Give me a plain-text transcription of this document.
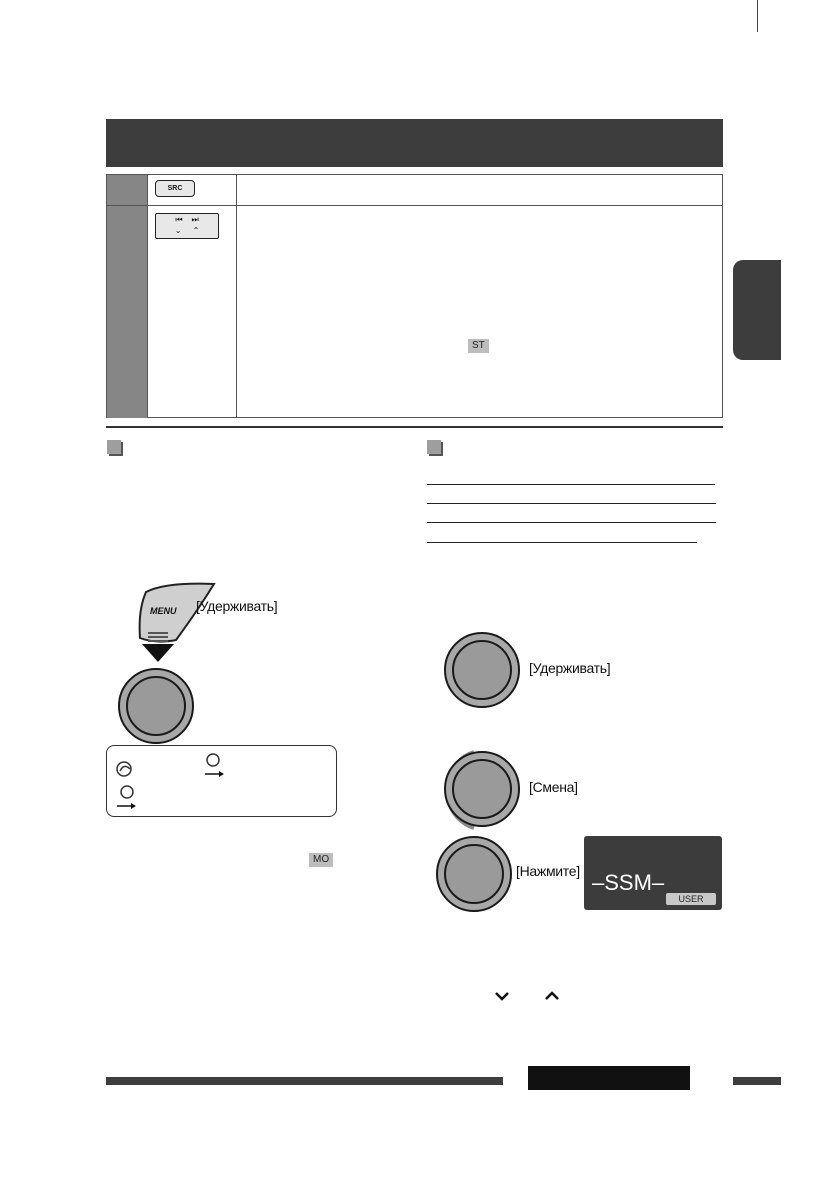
SRC
⏮ ⏭
⌄ ⌃
ST
MENU [Удерживать]
MO
[Удерживать]
[Смена]
[Нажмите] –SSM–
USER
